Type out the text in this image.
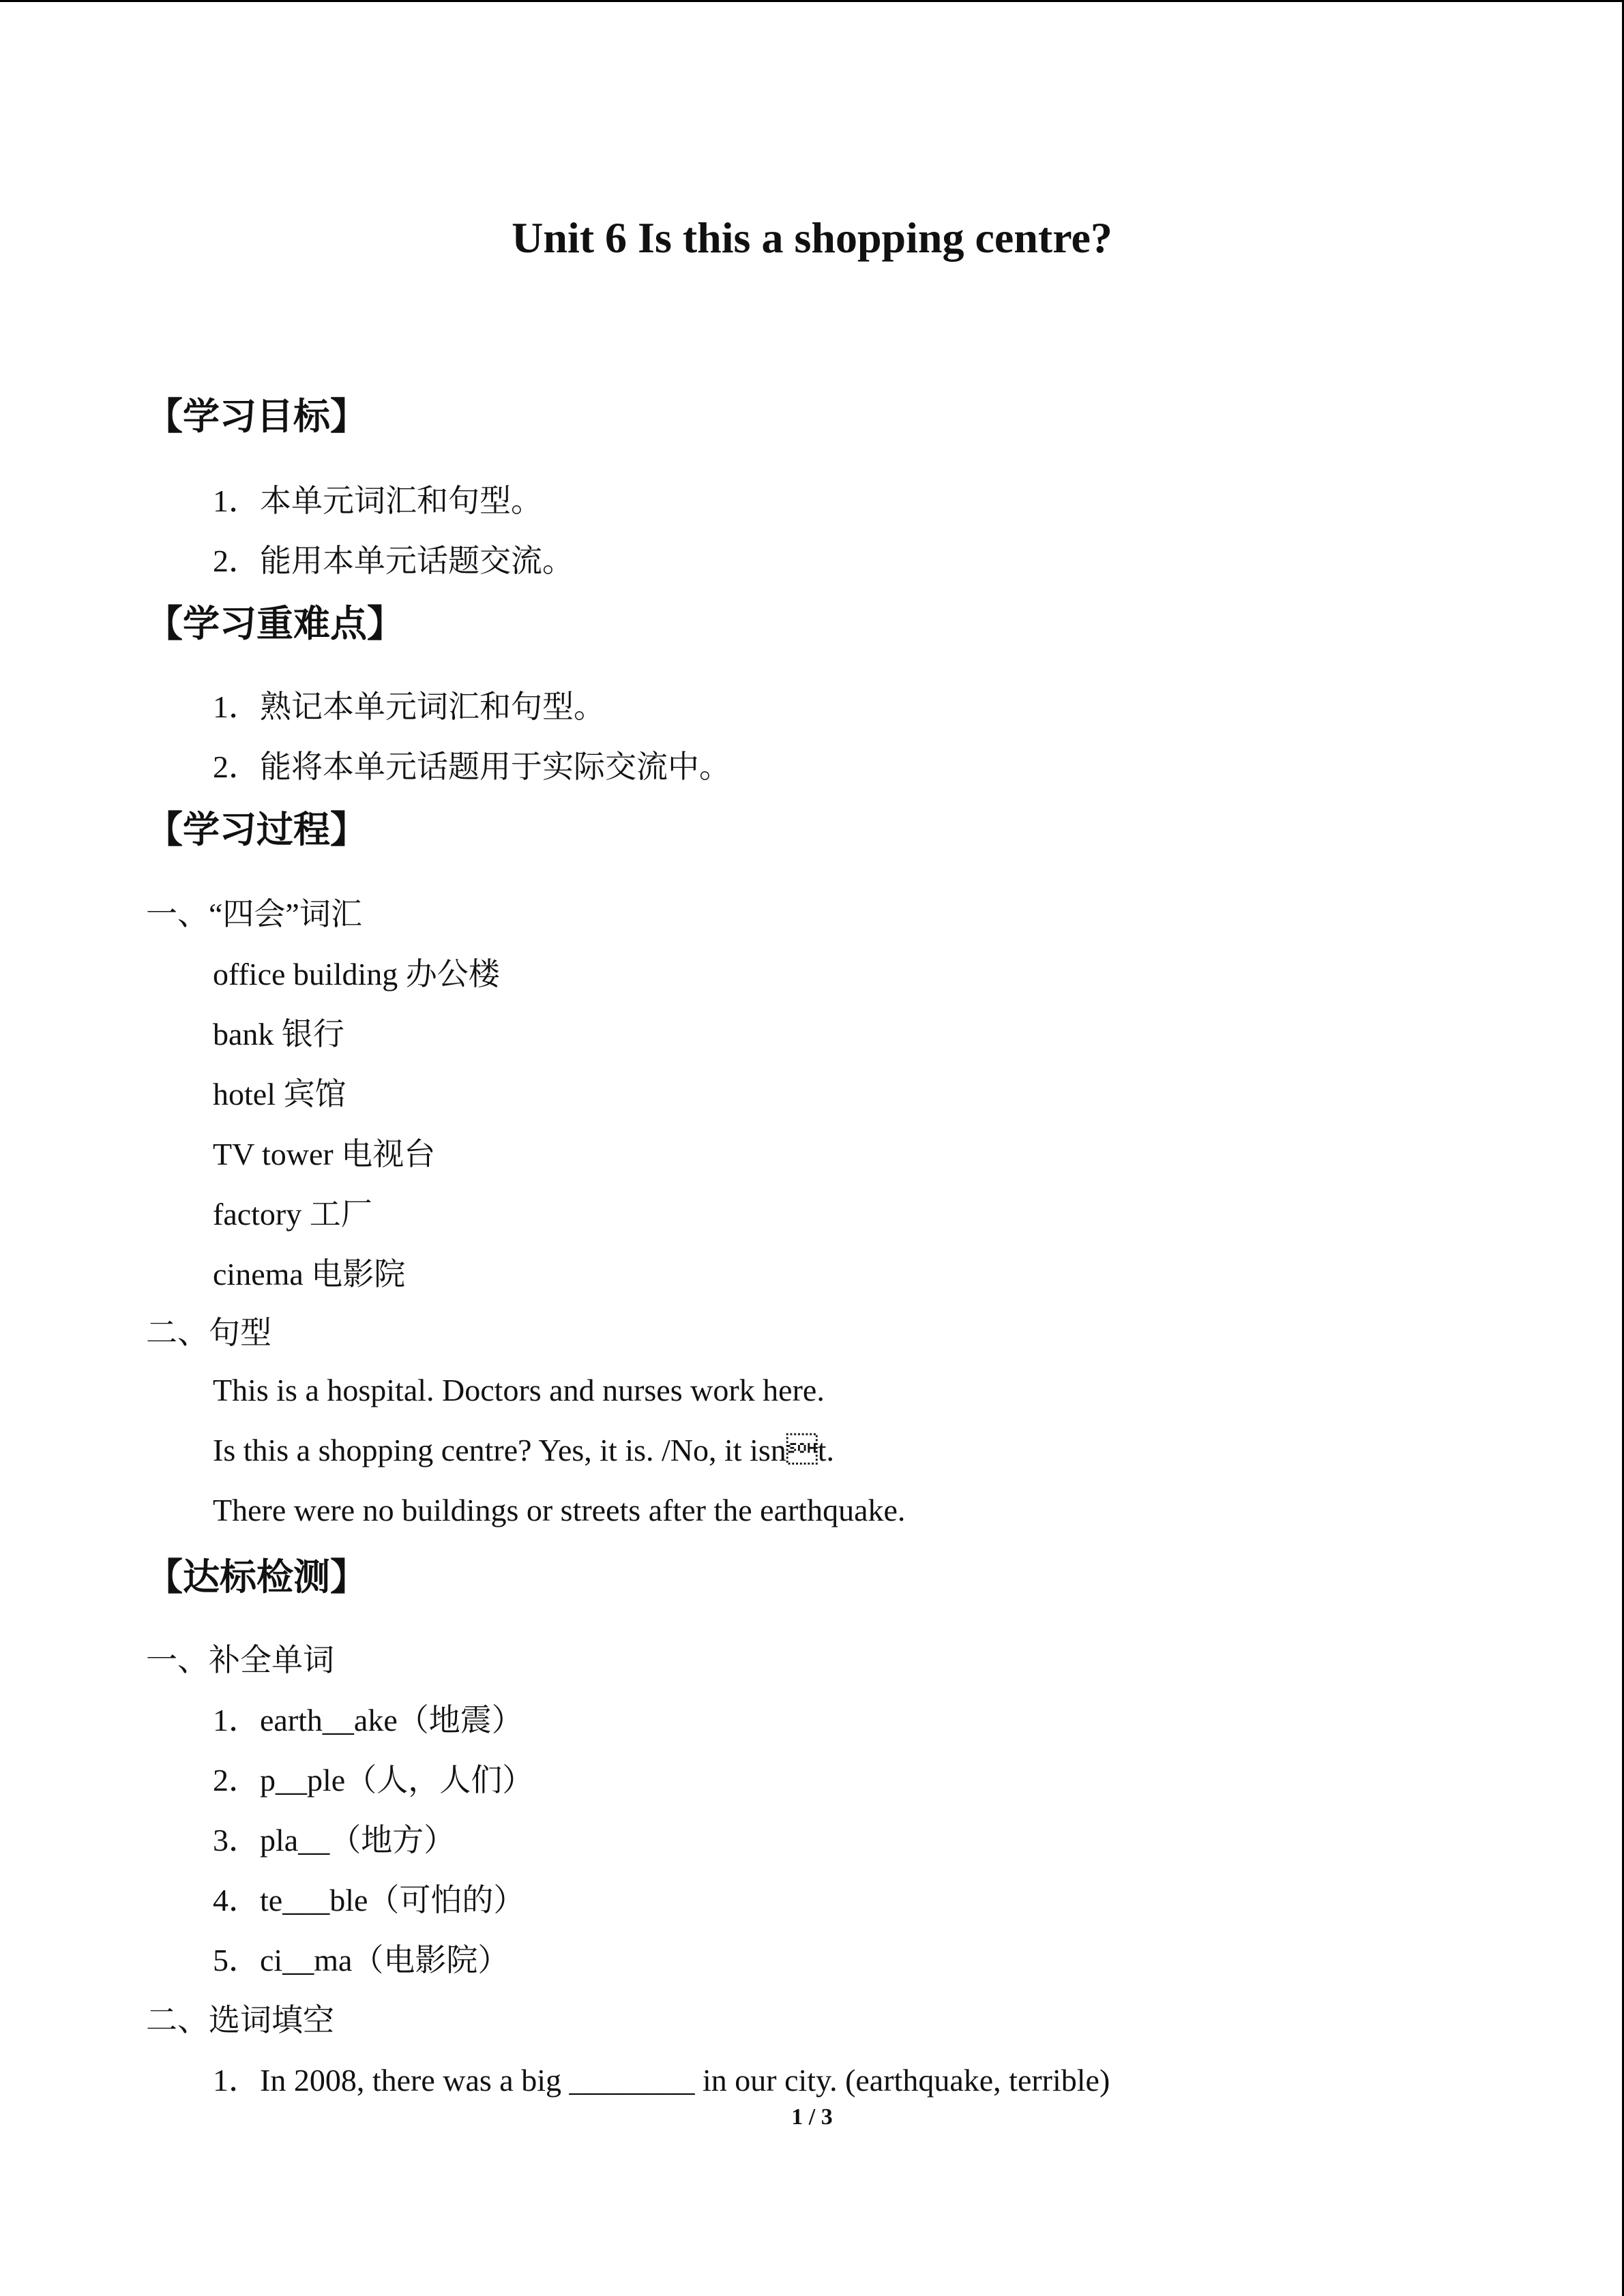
Unit 6 Is this a shopping centre?
【学习目标】
1．本单元词汇和句型。
2．能用本单元话题交流。
【学习重难点】
1．熟记本单元词汇和句型。
2．能将本单元话题用于实际交流中。
【学习过程】
一、“四会”词汇
office building 办公楼
bank 银行
hotel 宾馆
TV tower 电视台
factory 工厂
cinema 电影院
二、句型
This is a hospital. Doctors and nurses work here.
Is this a shopping centre? Yes, it is. /No, it isnt.
There were no buildings or streets after the earthquake.
【达标检测】
一、补全单词
1．earth__ake（地震）
2．p__ple（人，人们）
3．pla__（地方）
4．te___ble（可怕的）
5．ci__ma（电影院）
二、选词填空
1．In 2008, there was a big ________ in our city. (earthquake, terrible)
1 / 3
